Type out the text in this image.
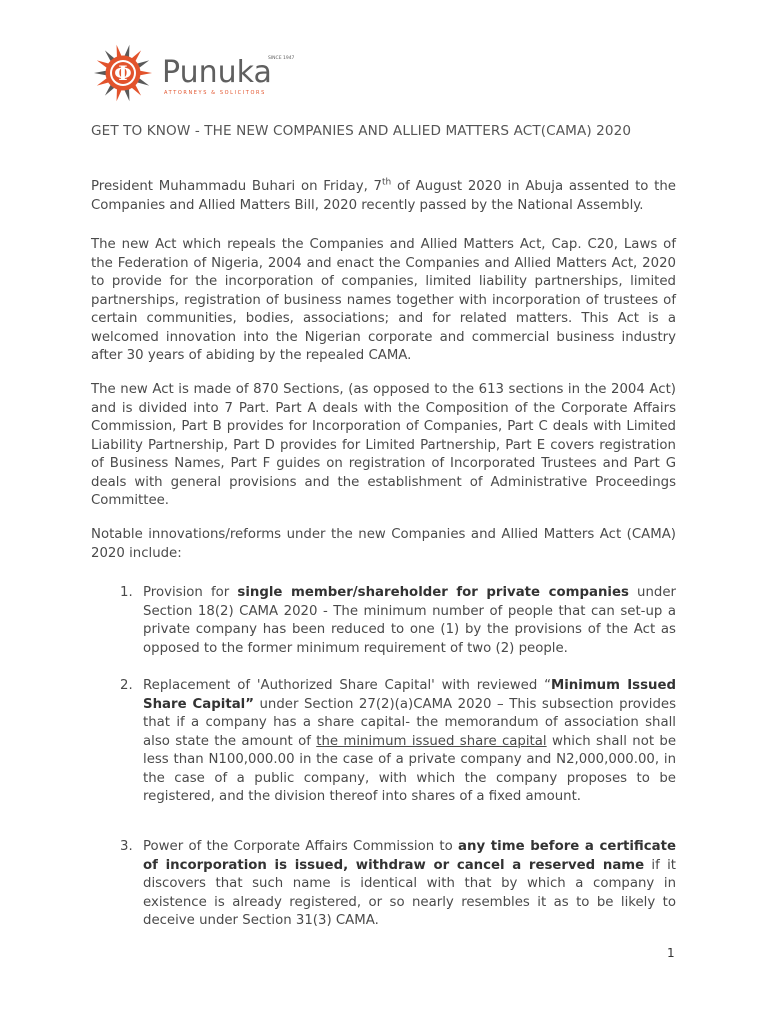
Φ Punuka
SINCE 1947
ATTORNEYS & SOLICITORS
GET TO KNOW - THE NEW COMPANIES AND ALLIED MATTERS ACT(CAMA) 2020

President Muhammadu Buhari on Friday, 7th of August 2020 in Abuja assented to the Companies and Allied Matters Bill, 2020 recently passed by the National Assembly.

The new Act which repeals the Companies and Allied Matters Act, Cap. C20, Laws of the Federation of Nigeria, 2004 and enact the Companies and Allied Matters Act, 2020 to provide for the incorporation of companies, limited liability partnerships, limited partnerships, registration of business names together with incorporation of trustees of certain communities, bodies, associations; and for related matters. This Act is a welcomed innovation into the Nigerian corporate and commercial business industry after 30 years of abiding by the repealed CAMA.

The new Act is made of 870 Sections, (as opposed to the 613 sections in the 2004 Act) and is divided into 7 Part. Part A deals with the Composition of the Corporate Affairs Commission, Part B provides for Incorporation of Companies, Part C deals with Limited Liability Partnership, Part D provides for Limited Partnership, Part E covers registration of Business Names, Part F guides on registration of Incorporated Trustees and Part G deals with general provisions and the establishment of Administrative Proceedings Committee.

Notable innovations/reforms under the new Companies and Allied Matters Act (CAMA) 2020 include:

1. Provision for single member/shareholder for private companies under Section 18(2) CAMA 2020 - The minimum number of people that can set-up a private company has been reduced to one (1) by the provisions of the Act as opposed to the former minimum requirement of two (2) people.
2. Replacement of 'Authorized Share Capital' with reviewed “Minimum Issued Share Capital” under Section 27(2)(a)CAMA 2020 – This subsection provides that if a company has a share capital- the memorandum of association shall also state the amount of the minimum issued share capital which shall not be less than N100,000.00 in the case of a private company and N2,000,000.00, in the case of a public company, with which the company proposes to be registered, and the division thereof into shares of a fixed amount.
3. Power of the Corporate Affairs Commission to any time before a certificate of incorporation is issued, withdraw or cancel a reserved name if it discovers that such name is identical with that by which a company in existence is already registered, or so nearly resembles it as to be likely to deceive under Section 31(3) CAMA.
1
